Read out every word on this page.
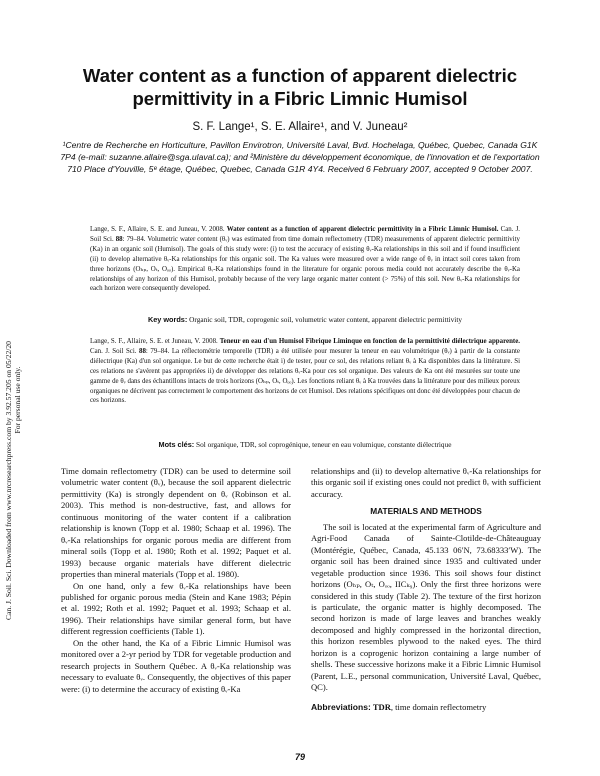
Water content as a function of apparent dielectric
permittivity in a Fibric Limnic Humisol
S. F. Lange¹, S. E. Allaire¹, and V. Juneau²
¹Centre de Recherche en Horticulture, Pavillon Envirotron, Université Laval, Bvd. Hochelaga, Québec, Quebec, Canada G1K 7P4 (e-mail: suzanne.allaire@sga.ulaval.ca); and ²Ministère du développement économique, de l'innovation et de l'exportation 710 Place d'Youville, 5ᵉ étage, Québec, Quebec, Canada G1R 4Y4. Received 6 February 2007, accepted 9 October 2007.
Lange, S. F., Allaire, S. E. and Juneau, V. 2008. Water content as a function of apparent dielectric permittivity in a Fibric Limnic Humisol. Can. J. Soil Sci. 88: 79–84. Volumetric water content (θᵥ) was estimated from time domain reflectometry (TDR) measurements of apparent dielectric permittivity (Ka) in an organic soil (Humisol). The goals of this study were: (i) to test the accuracy of existing θᵥ-Ka relationships in this soil and if found insufficient (ii) to develop alternative θᵥ-Ka relationships for this organic soil. The Ka values were measured over a wide range of θᵥ in intact soil cores taken from three horizons (Oₕₚ, Oₜ, Oₒₒ). Empirical θᵥ-Ka relationships found in the literature for organic porous media could not accurately describe the θᵥ-Ka relationships of any horizon of this Humisol, probably because of the very large organic matter content (> 75%) of this soil. New θᵥ-Ka relationships for each horizon were consequently developed.
Key words: Organic soil, TDR, coprogenic soil, volumetric water content, apparent dielectric permittivity
Lange, S. F., Allaire, S. E. et Juneau, V. 2008. Teneur en eau d'un Humisol Fibrique Liminque en fonction de la permittivité diélectrique apparente. Can. J. Soil Sci. 88: 79–84. La réflectométrie temporelle (TDR) a été utilisée pour mesurer la teneur en eau volumétrique (θᵥ) à partir de la constante diélectrique (Ka) d'un sol organique. Le but de cette recherche était i) de tester, pour ce sol, des relations reliant θᵥ à Ka disponibles dans la littérature. Si ces relations ne s'avèrent pas appropriées ii) de développer des relations θᵥ-Ka pour ces sol organique. Des valeurs de Ka ont été mesurées sur toute une gamme de θᵥ dans des échantillons intacts de trois horizons (Oₕₚ, Oₜ, Oₒₒ). Les fonctions reliant θᵥ à Ka trouvées dans la littérature pour des milieux poreux organiques ne décrivent pas correctement le comportement des horizons de cet Humisol. Des relations spécifiques ont donc été développées pour chacun de ces horizons.
Mots clés: Sol organique, TDR, sol coprogénique, teneur en eau volumique, constante diélectrique

Time domain reflectometry (TDR) can be used to determine soil volumetric water content (θᵥ), because the soil apparent dielectric permittivity (Ka) is strongly dependent on θᵥ (Robinson et al. 2003). This method is non-destructive, fast, and allows for continuous monitoring of the water content if a calibration relationship is known (Topp et al. 1980; Schaap et al. 1996). The θᵥ-Ka relationships for organic porous media are different from mineral soils (Topp et al. 1980; Roth et al. 1992; Paquet et al. 1993) because organic materials have different dielectric properties than mineral materials (Topp et al. 1980).

On one hand, only a few θᵥ-Ka relationships have been published for organic porous media (Stein and Kane 1983; Pépin et al. 1992; Roth et al. 1992; Paquet et al. 1993; Schaap et al. 1996). Their relationships have similar general form, but have different regression coefficients (Table 1).

On the other hand, the Ka of a Fibric Limnic Humisol was monitored over a 2-yr period by TDR for vegetable production and research projects in Southern Québec. A θᵥ-Ka relationship was necessary to evaluate θᵥ. Consequently, the objectives of this paper were: (i) to determine the accuracy of existing θᵥ-Ka

relationships and (ii) to develop alternative θᵥ-Ka relationships for this organic soil if existing ones could not predict θᵥ with sufficient accuracy.

MATERIALS AND METHODS

The soil is located at the experimental farm of Agriculture and Agri-Food Canada of Sainte-Clotilde-de-Châteauguay (Montérégie, Québec, Canada, 45.133 06′N, 73.68333′W). The organic soil has been drained since 1935 and cultivated under vegetable production since 1936. This soil shows four distinct horizons (Oₕₚ, Oₜ, Oₒₒ, IICₖ₉). Only the first three horizons were considered in this study (Table 2). The texture of the first horizon is particulate, the organic matter is highly decomposed. The second horizon is made of large leaves and branches weakly decomposed and highly compressed in the horizontal direction, this horizon resembles plywood to the naked eyes. The third horizon is a coprogenic horizon containing a large number of shells. These successive horizons make it a Fibric Limnic Humisol (Parent, L.E., personal communication, Université Laval, Québec, QC).

Abbreviations: TDR, time domain reflectometry

Can. J. Soil. Sci. Downloaded from www.nrcresearchpress.com by 3.92.57.205 on 05/22/20 For personal use only.
79
